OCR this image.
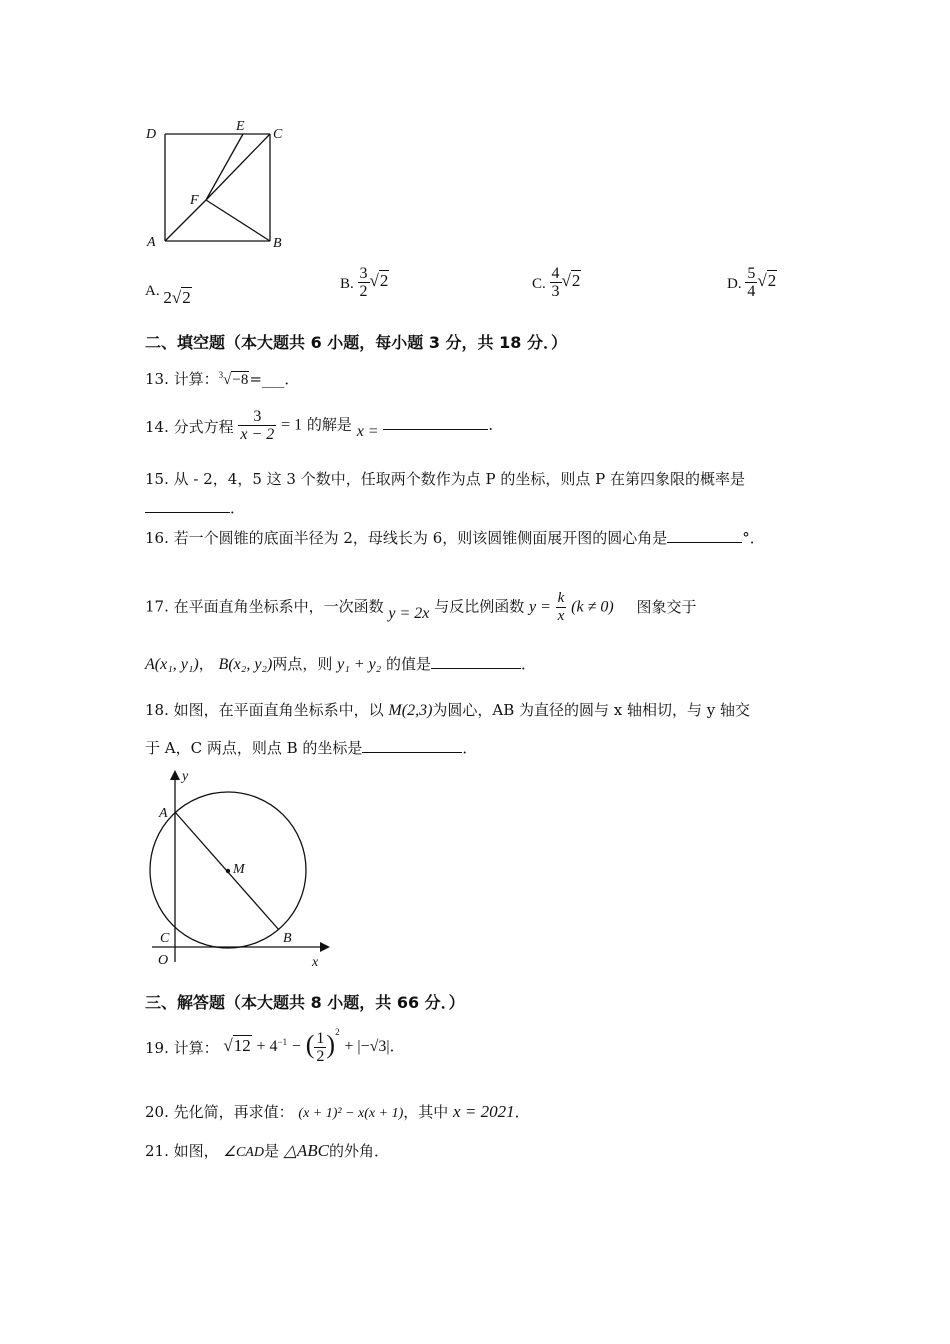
D
E
C
F
A	B
A. 2√2
B. $\frac{3}{2} √2$	C. $\frac{4}{3} √2$	D. $\frac{5}{4} √2$
二、填空题（本大题共 6 小题，每小题 3 分，共 18 分．）
13. 计算：$^3$√−8=___．
14. 分式方程 $\frac{3}{x - 2} = 1$ 的解是 x =	．
15. 从 - 2，4，5 这 3 个数中，任取两个数作为点 P 的坐标，则点 P 在第四象限的概率是
．
16. 若一个圆锥的底面半径为 2，母线长为 6，则该圆锥侧面展开图的圆心角是	°．
17. 在平面直角坐标系中，一次函数 y = 2x 与反比例函数 $y = \frac{k}{x} (k \ne 0)$ 图象交于
A(x₁, y₁)， B(x₂, y₂)两点，则 y₁ + y₂ 的值是	．
18. 如图，在平面直角坐标系中，以 M(2,3)为圆心，AB 为直径的圆与 x 轴相切，与 y 轴交
于 A，C 两点，则点 B 的坐标是	．
y
A
M
C	B
O	x
三、解答题（本大题共 8 小题，共 66 分．）
19. 计算： $√12 + 4^{-1}$ − ( $\frac{1}{2} )^2 + |-√3|$．
20. 先化简，再求值： (x + 1)² − x(x + 1)，其中 x = 2021．
21. 如图， ∠CAD是 △ABC的外角．
